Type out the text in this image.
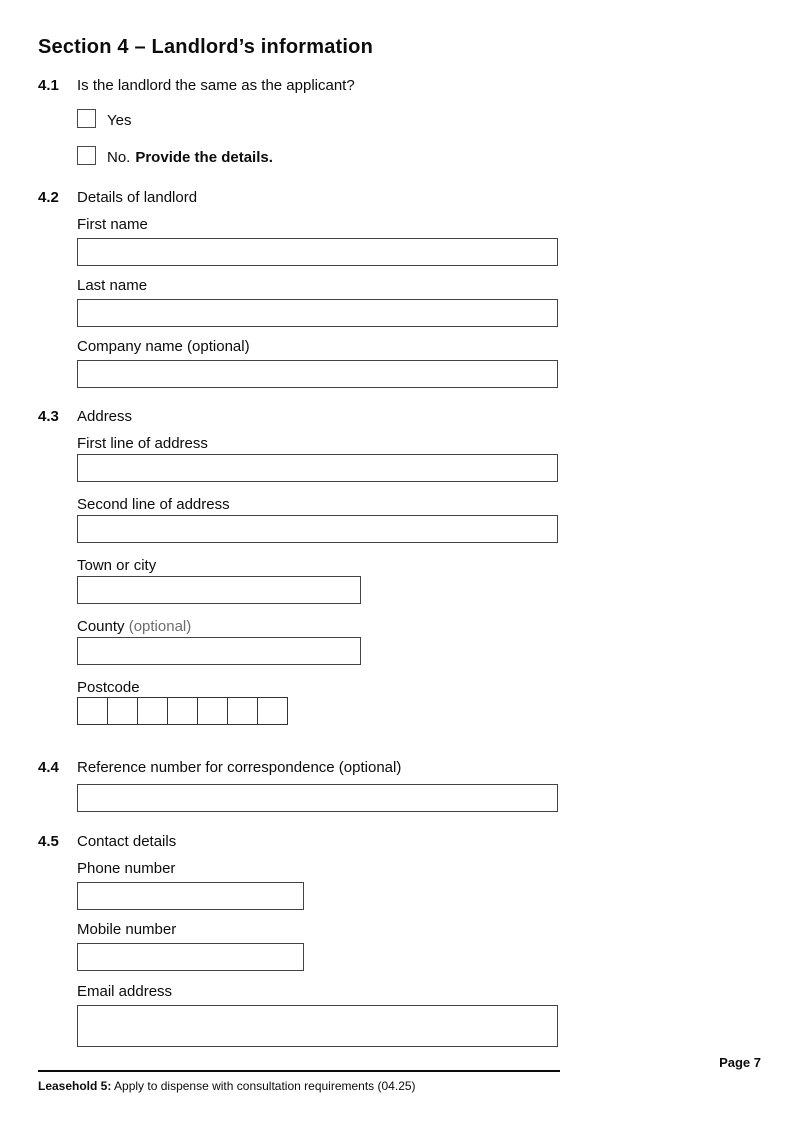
Section 4 – Landlord’s information
4.1	Is the landlord the same as the applicant?
Yes
No. Provide the details.
4.2	Details of landlord
First name
Last name
Company name (optional)
4.3	Address
First line of address
Second line of address
Town or city
County (optional)
Postcode
4.4	Reference number for correspondence (optional)
4.5	Contact details
Phone number
Mobile number
Email address
Page 7
Leasehold 5: Apply to dispense with consultation requirements (04.25)
